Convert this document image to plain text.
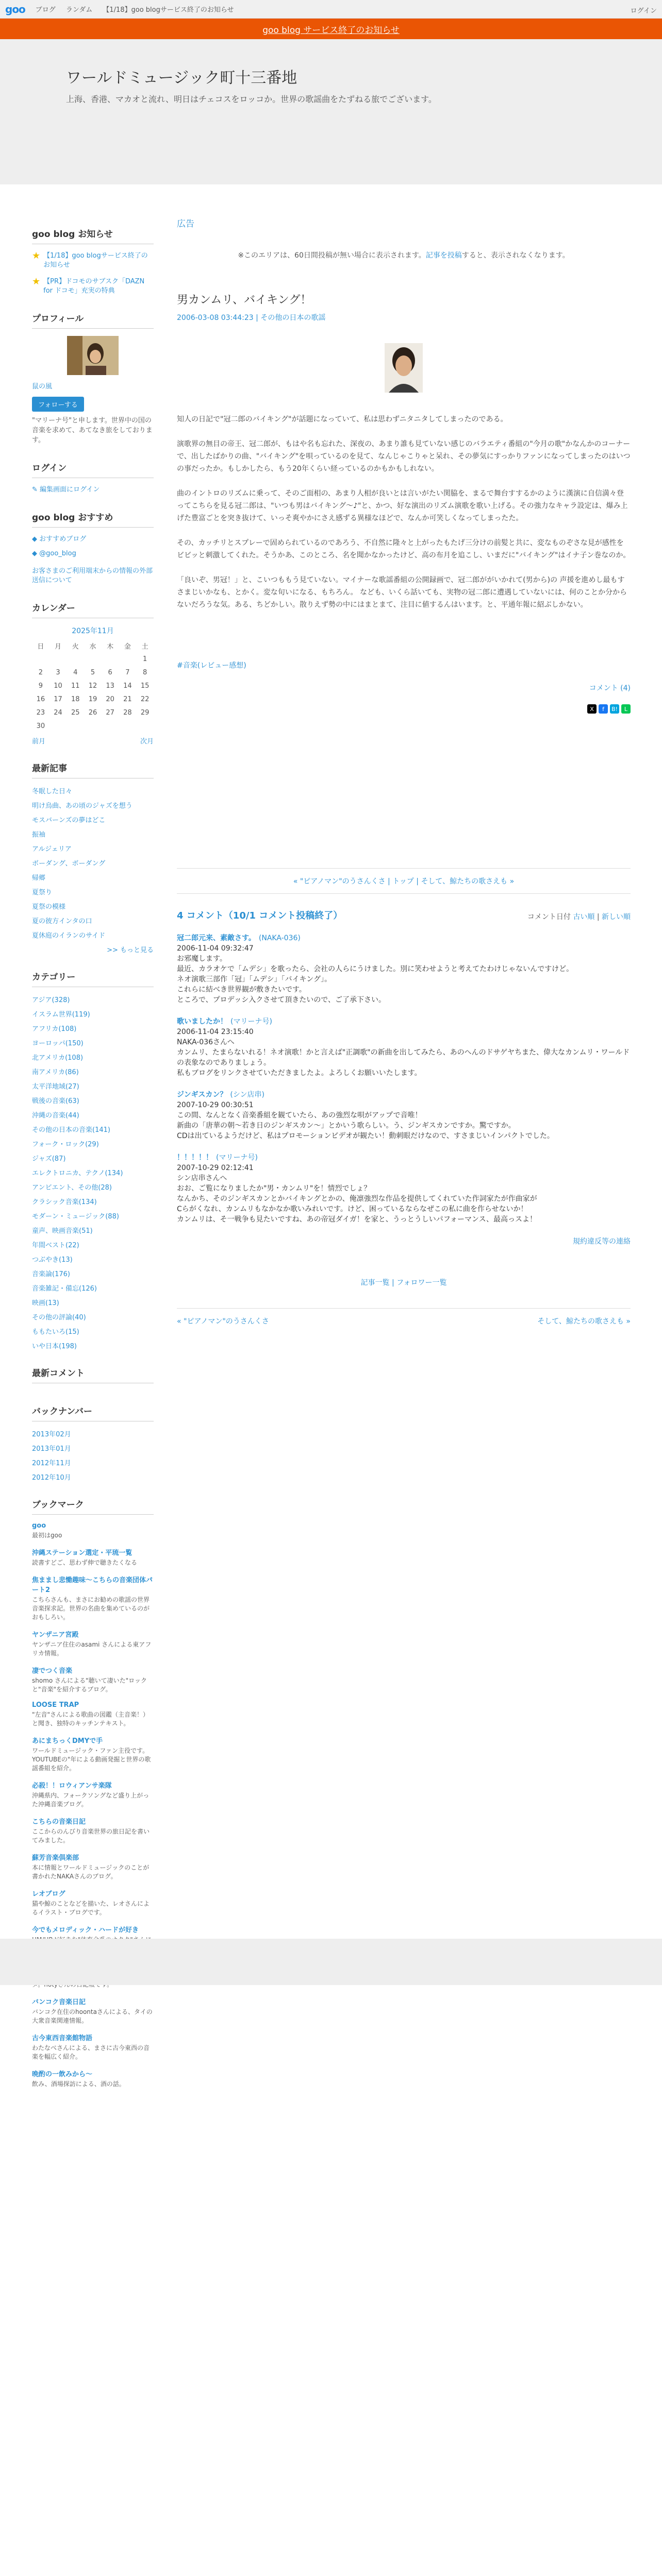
goo ブログ ランダム 【1/18】goo blogサービス終了のお知らせ	ログイン
goo blog サービス終了のお知らせ
ワールドミュージック町十三番地
上海、香港、マカオと流れ、明日はチェコスをロッコか。世界の歌謡曲をたずねる旅でございます。
goo blog お知らせ
★ 【1/18】goo blogサービス終了のお知らせ
★ 【PR】ドコモのサブスク「DAZN for ドコモ」充実の特典
プロフィール
鼠の風
フォローする
"マリーナ号"と申します。世界中の国の音楽を求めて、あてなき旅をしております。
ログイン
✎ 編集画面にログイン
goo blog おすすめ
◆ おすすめブログ
◆ @goo_blog
お客さまのご利用端末からの情報の外部送信について
カレンダー
2025年11月
日	月	火	水	木	金	土
						1
2	3	4	5	6	7	8
9	10	11	12	13	14	15
16	17	18	19	20	21	22
23	24	25	26	27	28	29
30						
前月	次月
最新記事
冬眠した日々
明け烏曲、あの頃のジャズを想う
モスバーンズの夢はどこ
振袖
アルジェリア
ボーダング、ボーダング
帰郷
夏祭り
夏祭の模様
夏の彼方インタの口
夏休庭のイランのサイド
>> もっと見る
カテゴリー
アジア(328)
イスラム世界(119)
アフリカ(108)
ヨーロッパ(150)
北アメリカ(108)
南アメリカ(86)
太平洋地域(27)
戦後の音楽(63)
沖縄の音楽(44)
その他の日本の音楽(141)
フォーク・ロック(29)
ジャズ(87)
エレクトロニカ、テクノ(134)
アンビエント、その他(28)
クラシック音楽(134)
モダーン・ミュージック(88)
童声、映画音楽(51)
年間ベスト(22)
つぶやき(13)
音楽論(176)
音楽雑記・備忘(126)
映画(13)
その他の評論(40)
ももたいろ(15)
いや日本(198)
最新コメント
バックナンバー
2013年02月
2013年01月
2012年11月
2012年10月
ブックマーク
goo
最初はgoo
沖縄ステーション選定・平琉一覧
読書すどご、思わず伸で聴きたくなる
焦ままし悲慟趣味〜こちらの音楽団体パート2
こちらさんも、まさにお勧めの歌謡の世界音楽探求記。世界の名曲を集めているのがおもしろい。
ヤンザニア宮殿
ヤンザニア住住のasami さんによる東アフリカ情報。
凄でつく音楽
shomo さんによる"聴いて凄いた"ロックと"音楽"を紹介するブログ。
LOOSE TRAP
"左音"さんによる歌曲の図鑑（主音楽！）と聞き、独特のキッチンテキスト。
あにまちっくDMYで手
ワールドミュージック・ファン主役です。YOUTUBEの"年による動画発掘と世界の歌謡番組を紹介。
必殺！！ロウィアンサ楽隊
沖縄県内、フォークソングなど盛り上がった沖縄音楽ブログ。
こちらの音楽日記
ここからのんびり音楽世界の旅日記を書いてみました。
蘇芳音楽倶楽部
本に情報とワールドミュージックのことが書かれたNAKAさんのブログ。
レオブログ
猫や鯨のことなどを描いた、レオさんによるイラスト・ブログです。
今でもメロディック・ハードが好き
バンコク音楽日記
バンコク在住のhoontaさんによる、タイの大衆音楽関連情報。
古今東西音楽館物語
わたなべさんによる、まさに古今東西の音楽を幅広く紹介。
晩酌の一飲みから〜
飲み、酒場探訪による、酒の話。
広告
※このエリアは、60日間投稿が無い場合に表示されます。記事を投稿すると、表示されなくなります。
男カンムリ、バイキング！
2006-03-08 03:44:23 | その他の日本の歌謡
知人の日記で"冠二郎のバイキング"が話題になっていて、私は思わずニタニタしてしまったのである。
演歌界の無目の帝王、冠二郎が、もはや名も忘れた、深夜の、あまり誰も見ていない感じのバラエティ番組の"今月の歌"かなんかのコーナーで、出したばかりの曲、"バイキング"を唄っているのを見て、なんじゃこりゃと呆れ、その夢気にすっかりファンになってしまったのはいつの事だったか。もしかしたら、もう20年くらい経っているのかもかもしれない。
曲のイントロのリズムに乗って、そのご面相の、あまり人相が良いとは言いがたい関脇を、まるで舞台すするかのように漢演に自信満々登ってこちらを見る冠二郎は、"いつも男はバイキング〜♪"と、かつ、好な演出のリズム演歌を歌い上げる。その強力なキャラ設定は、爆み上げた豊富ごとを突き抜けて、いっそ爽やかにさえ感ずる異様なほどで、なんか可笑しくなってしまったた。
その、カッチリとスプレーで固められているのであろう、不自然に隆々と上がったもたげ三分けの前髪と共に、変なものぞさな見が感性をビビッと刺激してくれた。そうかあ、このところ、名を聞かなかったけど、高の布月を追こし、いまだに"バイキング"はイナ子ン巻なのか。
「良いぞ、男冠！」と、こいつももう見ていない。マイナーな歌謡番組の公開録画で、冠二郎ががいかれて(男から)の 声援を進めし最もすさまじいかなも、とかく。変な旬いになる、もちろん。 なども、いくら話いても、実物の冠二郎に遭遇していないには、何のことか分からないだろうな気。ある、ちどかしい。散りえず勢の中にはまとまて、注目に値するんはいます。と、平通年報に紹ぶしかない。
#音楽(レビュー感想)
コメント (4)
X	f	B!	L
« "ピアノマン"のうさんくさ | トップ | そして、鯨たちの歌さえも »
4 コメント（10/1 コメント投稿終了）	コメント日付 古い順 | 新しい順
冠二郎元来、素敵さす。 (NAKA-036)
2006-11-04 09:32:47
お邪魔します。
最近、カラオケで「ムデシ」を歌ったら、会社の人らにうけました。別に笑わせようと考えてたわけじゃないんですけど。
ネオ演歌三部作「冠」「ムデシ」「バイキング」。
これらに結べき世界観が敷きたいです。
ところで、プロデッシ入クさせて頂きたいので、ご了承下さい。
歌いましたか！ (マリーナ号)
2006-11-04 23:15:40
NAKA-036さんへ
カンムリ、たまらないれる！ネオ演歌！かと言えば"正調歌"の新曲を出してみたら、あのへんのドサゲヤちまた、偉大なカンムリ・ワールドの表象なのでありましょう。
私もブログをリンクさせていただきましたよ。よろしくお願いいたします。
ジンギスカン？ (シン店串)
2007-10-29 00:30:51
この間、なんとなく音楽番組を観ていたら、あの強烈な唄がアップで音唯！
新曲の「唐華の朝〜若き日のジンギスカン〜」とかいう歌らしい。う、ジンギスカンですか。驚ですか。
CDは出ているようだけど、私はプロモーションビデオが観たい！動刺眼だけなので、すさまじいインパクトでした。
！！！！！ (マリーナ号)
2007-10-29 02:12:41
シン店串さんへ
おお、ご覧になりましたか"男・カンムリ"を！情烈でしょ？
なんかち、そのジンギスカンとかバイキングとかの、俺凛強烈な作品を提供してくれていた作詞家たが作曲家が
Cらがくなれ、カンムリもなかなか歌いみれいです。けど、困っているならなぜこの私に曲を作らせないか！
カンムリは、そ一戦争も見たいですね、あの帝冠ダイガ！を家と、うっとうしいパフォーマンス、最高っスよ！
規約違反等の連絡
記事一覧 | フォロワー一覧
« "ピアノマン"のうさんくさ	そして、鯨たちの歌さえも »
